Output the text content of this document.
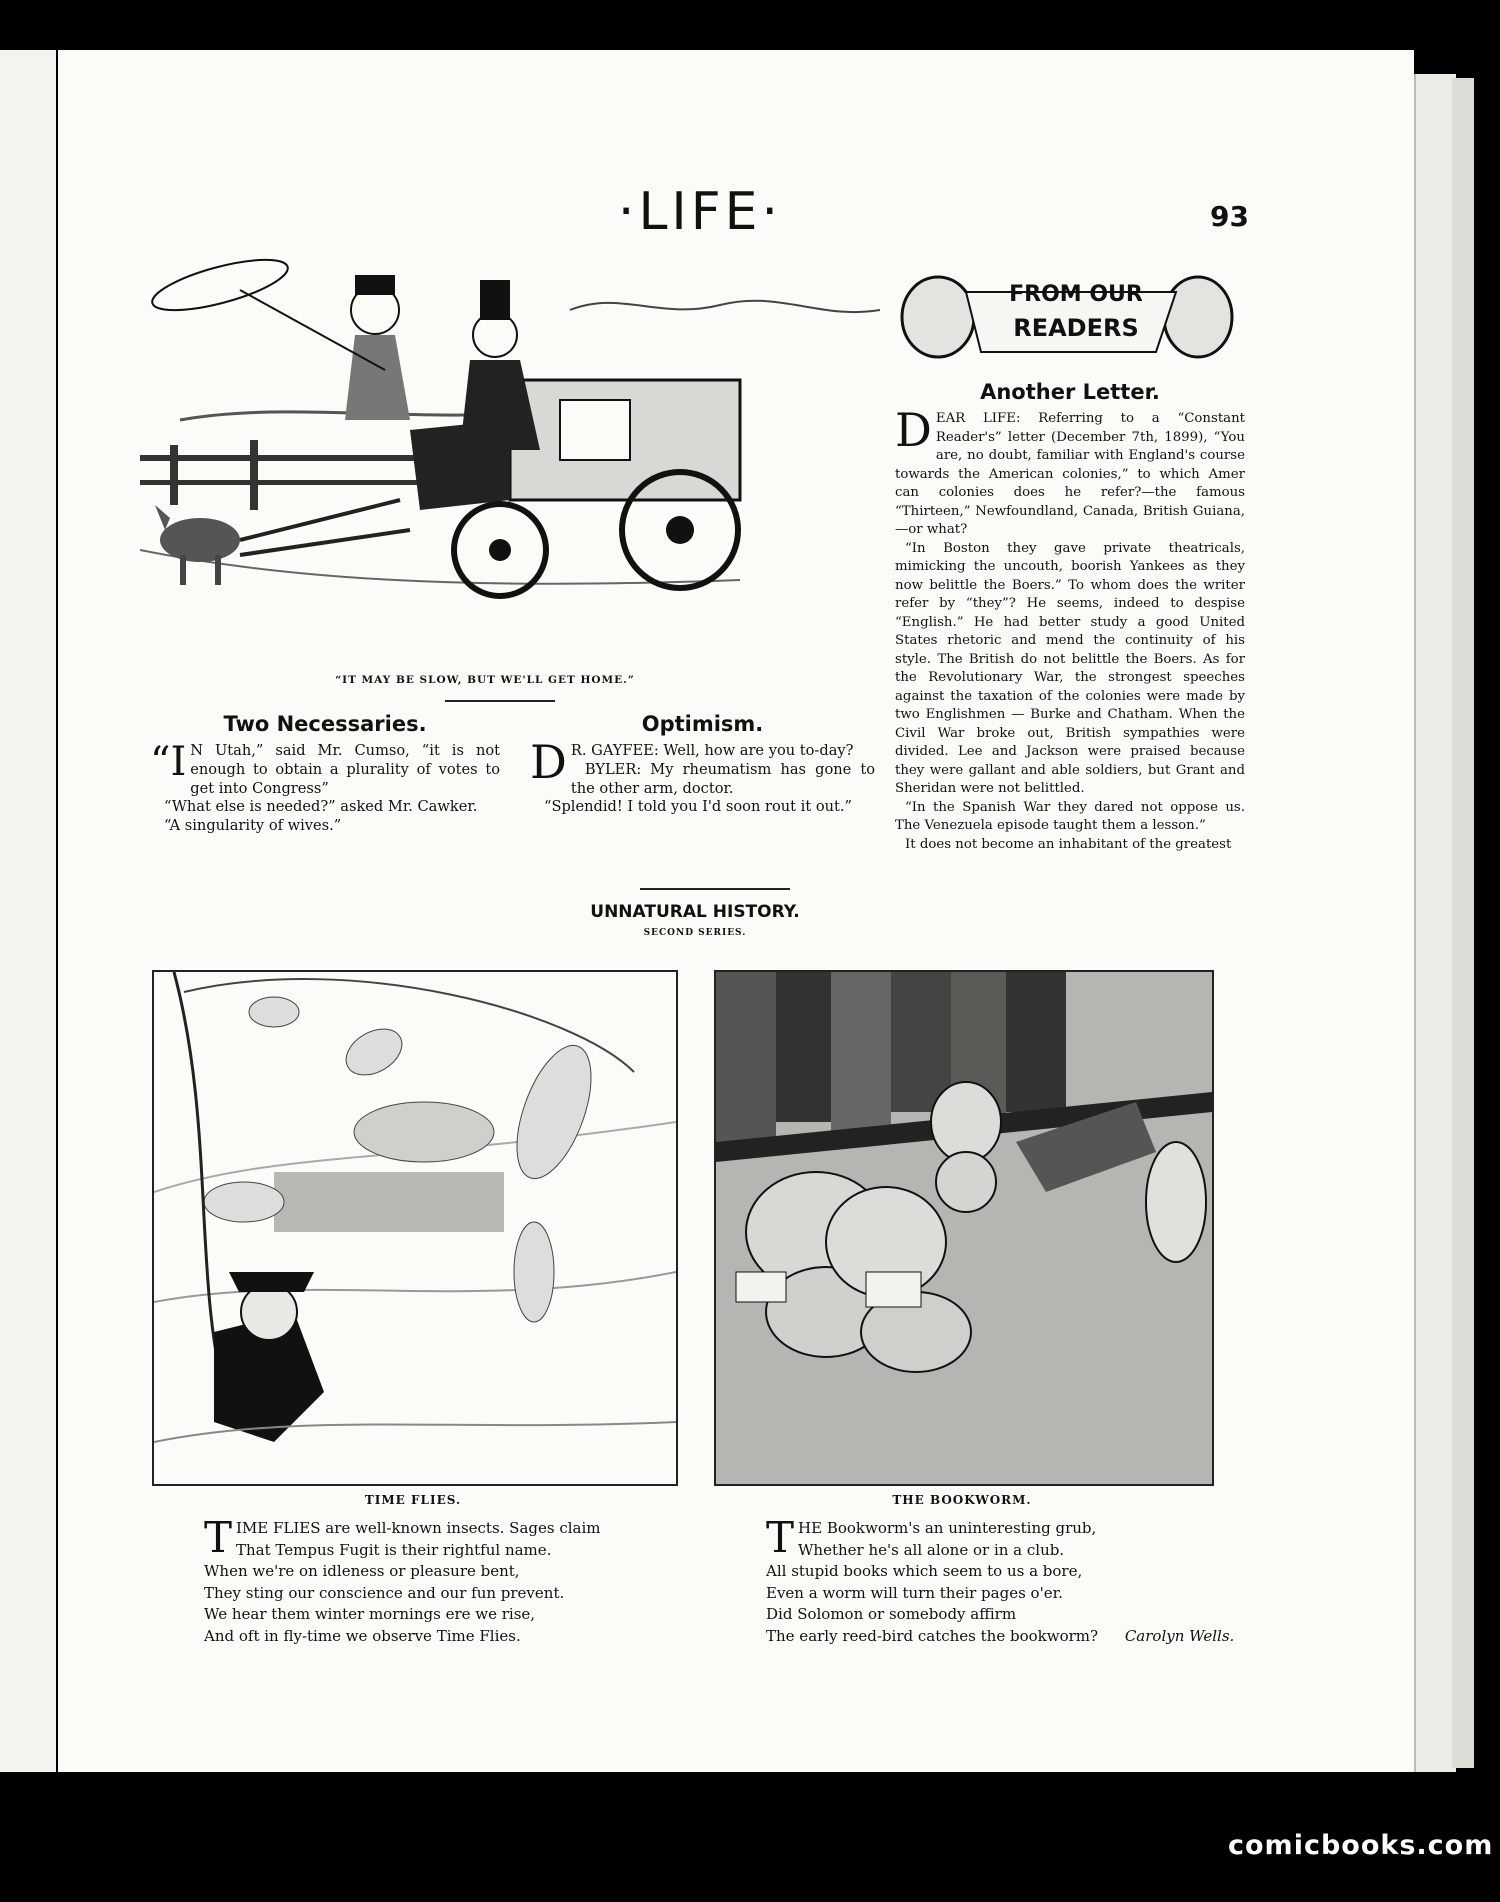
·LIFE·	93
“IT MAY BE SLOW, BUT WE'LL GET HOME.”
FROM OUR
READERS
Another Letter.
D EAR LIFE: Referring to a “Constant Reader's” letter (December 7th, 1899), “You are, no doubt, familiar with England's course towards the American colonies,” to which Amer can colonies does he refer?—the famous “Thirteen,” Newfoundland, Canada, British Guiana,—or what?

“In Boston they gave private theatricals, mimicking the uncouth, boorish Yankees as they now belittle the Boers.” To whom does the writer refer by “they”? He seems, indeed to despise “English.” He had better study a good United States rhetoric and mend the continuity of his style. The British do not belittle the Boers. As for the Revolutionary War, the strongest speeches against the taxation of the colonies were made by two Englishmen — Burke and Chatham. When the Civil War broke out, British sympathies were divided. Lee and Jackson were praised because they were gallant and able soldiers, but Grant and Sheridan were not belittled.

“In the Spanish War they dared not oppose us. The Venezuela episode taught them a lesson.”

It does not become an inhabitant of the greatest

Two Necessaries.
“I N Utah,” said Mr. Cumso, “it is not enough to obtain a plurality of votes to get into Congress”

“What else is needed?” asked Mr. Cawker.

“A singularity of wives.”

Optimism.
D R. GAYFEE: Well, how are you to-day?

BYLER: My rheumatism has gone to the other arm, doctor.

“Splendid! I told you I'd soon rout it out.”

UNNATURAL HISTORY.
SECOND SERIES.
TIME FLIES.	THE BOOKWORM.
T IME FLIES are well-known insects. Sages claim
That Tempus Fugit is their rightful name.
When we're on idleness or pleasure bent,
They sting our conscience and our fun prevent.
We hear them winter mornings ere we rise,
And oft in fly-time we observe Time Flies.
T HE Bookworm's an uninteresting grub,
Whether he's all alone or in a club.
All stupid books which seem to us a bore,
Even a worm will turn their pages o'er.
Did Solomon or somebody affirm
The early reed-bird catches the bookworm? Carolyn Wells.
comicbooks.com
